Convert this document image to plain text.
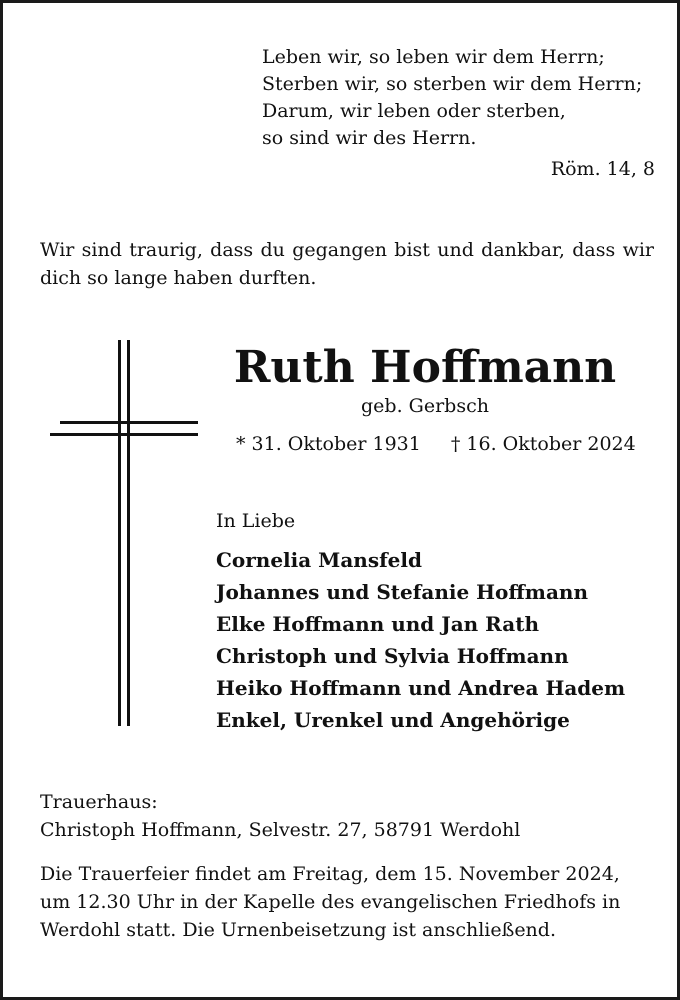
Leben wir, so leben wir dem Herrn;
Sterben wir, so sterben wir dem Herrn;
Darum, wir leben oder sterben,
so sind wir des Herrn.
Röm. 14, 8
Wir sind traurig, dass du gegangen bist und dankbar, dass wir dich so lange haben durften.
Ruth Hoffmann
geb. Gerbsch
* 31. Oktober 1931 † 16. Oktober 2024
In Liebe
Cornelia Mansfeld
Johannes und Stefanie Hoffmann
Elke Hoffmann und Jan Rath
Christoph und Sylvia Hoffmann
Heiko Hoffmann und Andrea Hadem
Enkel, Urenkel und Angehörige
Trauerhaus:
Christoph Hoffmann, Selvestr. 27, 58791 Werdohl
Die Trauerfeier findet am Freitag, dem 15. November 2024,
um 12.30 Uhr in der Kapelle des evangelischen Friedhofs in
Werdohl statt. Die Urnenbeisetzung ist anschließend.
